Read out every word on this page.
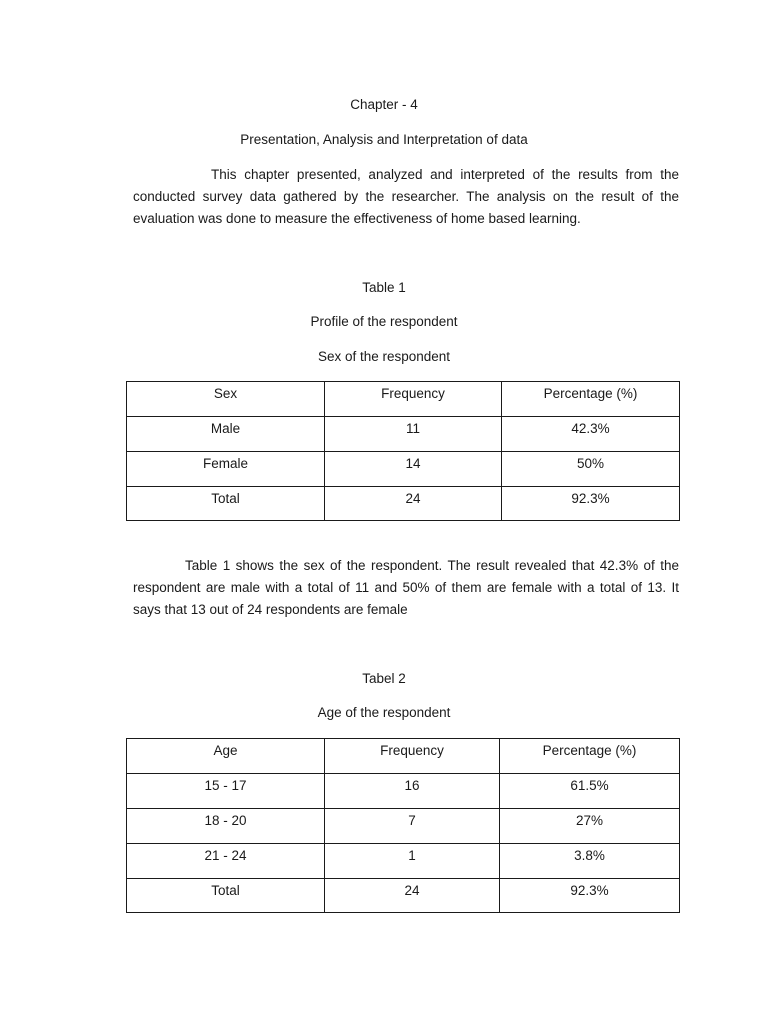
Chapter - 4
Presentation, Analysis and Interpretation of data
This chapter presented, analyzed and interpreted of the results from the
conducted survey data gathered by the researcher. The analysis on the result of the
evaluation was done to measure the effectiveness of home based learning.
Table 1
Profile of the respondent
Sex of the respondent
Sex	Frequency	Percentage (%)
Male	11	42.3%
Female	14	50%
Total	24	92.3%
Table 1 shows the sex of the respondent. The result revealed that 42.3% of the
respondent are male with a total of 11 and 50% of them are female with a total of 13. It
says that 13 out of 24 respondents are female
Tabel 2
Age of the respondent
Age	Frequency	Percentage (%)
15 - 17	16	61.5%
18 - 20	7	27%
21 - 24	1	3.8%
Total	24	92.3%
